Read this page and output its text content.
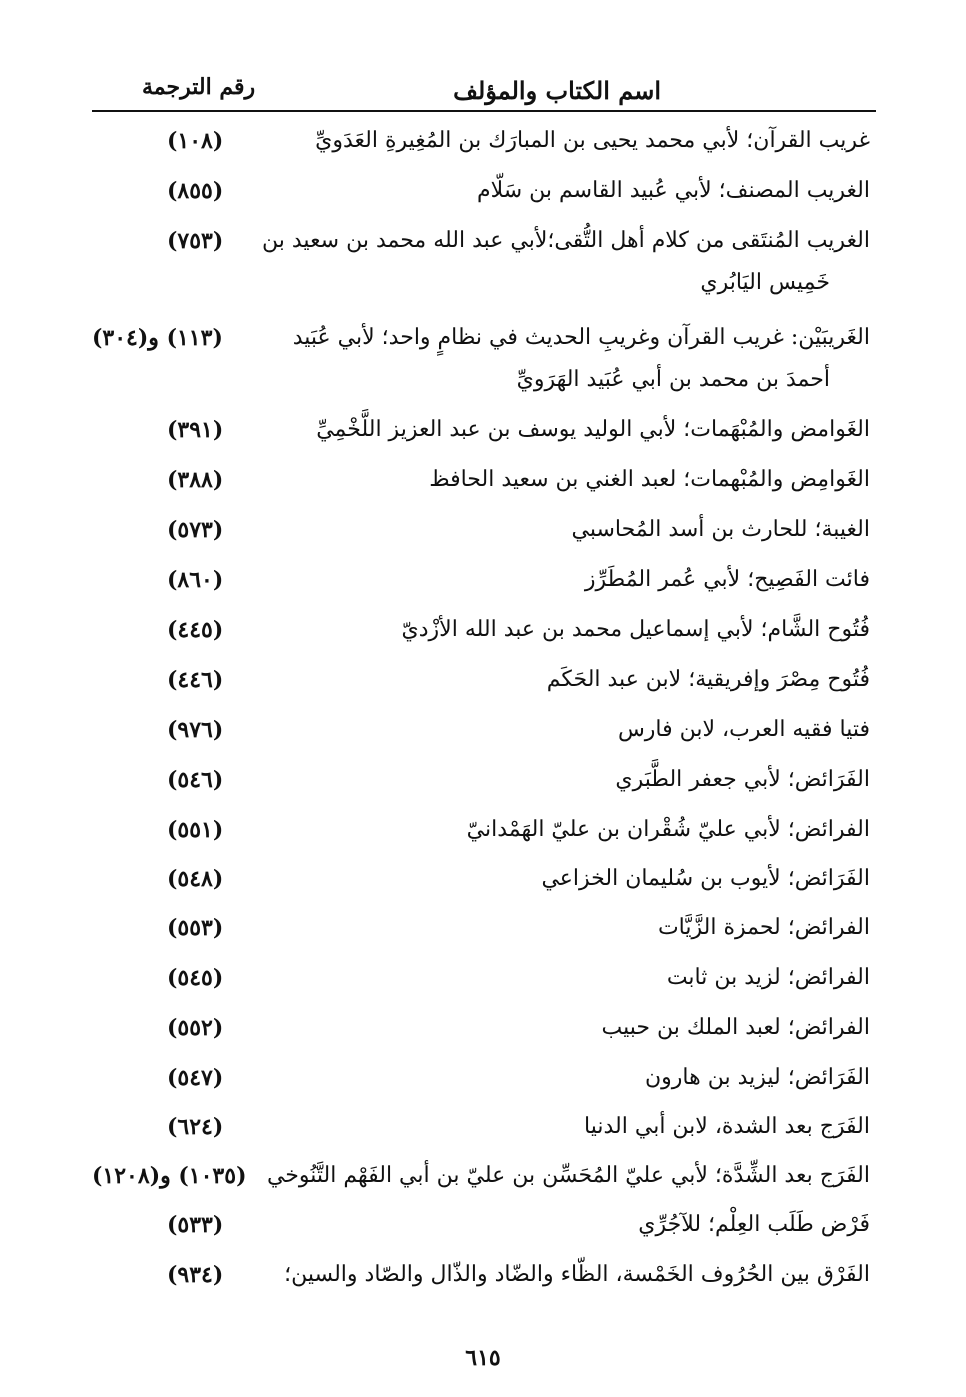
اسم الكتاب والمؤلف
رقم الترجمة
غريب القرآن؛ لأبي محمد يحيى بن المبارَك بن المُغِيرةِ العَدَويِّ
(١٠٨)
الغريب المصنف؛ لأبي عُبيد القاسم بن سَلّام
(٨٥٥)
الغريب المُنتَقى من كلام أهل التُّقى؛لأبي عبد الله محمد بن سعيد بن
(٧٥٣)
خَمِيس اليَابُري
الغَريبَيْن: غريب القرآن وغريبِ الحديث في نظامٍ واحد؛ لأبي عُبَيد
(١١٣) و(٣٠٤)
أحمدَ بن محمد بن أبي عُبَيد الهَرَويِّ
الغَوامض والمُبْهَمات؛ لأبي الوليد يوسف بن عبد العزيز اللَّخْمِيِّ
(٣٩١)
الغَوامِض والمُبْهمات؛ لعبد الغني بن سعيد الحافظ
(٣٨٨)
الغيبة؛ للحارث بن أسد المُحاسبي
(٥٧٣)
فائت الفَصِيح؛ لأبي عُمر المُطَرِّز
(٨٦٠)
فُتُوح الشَّام؛ لأبي إسماعيل محمد بن عبد الله الأزْديّ
(٤٤٥)
فُتُوح مِصْرَ وإفريقية؛ لابن عبد الحَكَم
(٤٤٦)
فتيا فقيه العرب، لابن فارس
(٩٧٦)
الفَرَائض؛ لأبي جعفر الطَّبَري
(٥٤٦)
الفرائض؛ لأبي عليّ شُقْران بن عليّ الهَمْدانيّ
(٥٥١)
الفَرَائض؛ لأيوب بن سُليمان الخزاعي
(٥٤٨)
الفرائض؛ لحمزة الزَّيَّات
(٥٥٣)
الفرائض؛ لزيد بن ثابت
(٥٤٥)
الفرائض؛ لعبد الملك بن حبيب
(٥٥٢)
الفَرَائض؛ ليزيد بن هارون
(٥٤٧)
الفَرَج بعد الشدة، لابن أبي الدنيا
(٦٢٤)
الفَرَج بعد الشِّدَّة؛ لأبي عليّ المُحَسِّن بن عليّ بن أبي الفَهْم التَّنُوخي
(١٠٣٥) و(١٢٠٨)
فَرْض طَلَب العِلْم؛ للآجُرِّي
(٥٣٣)
الفَرْق بين الحُرُوف الخَمْسة، الظّاء والضّاد والذّال والصّاد والسين؛
(٩٣٤)
٦١٥
